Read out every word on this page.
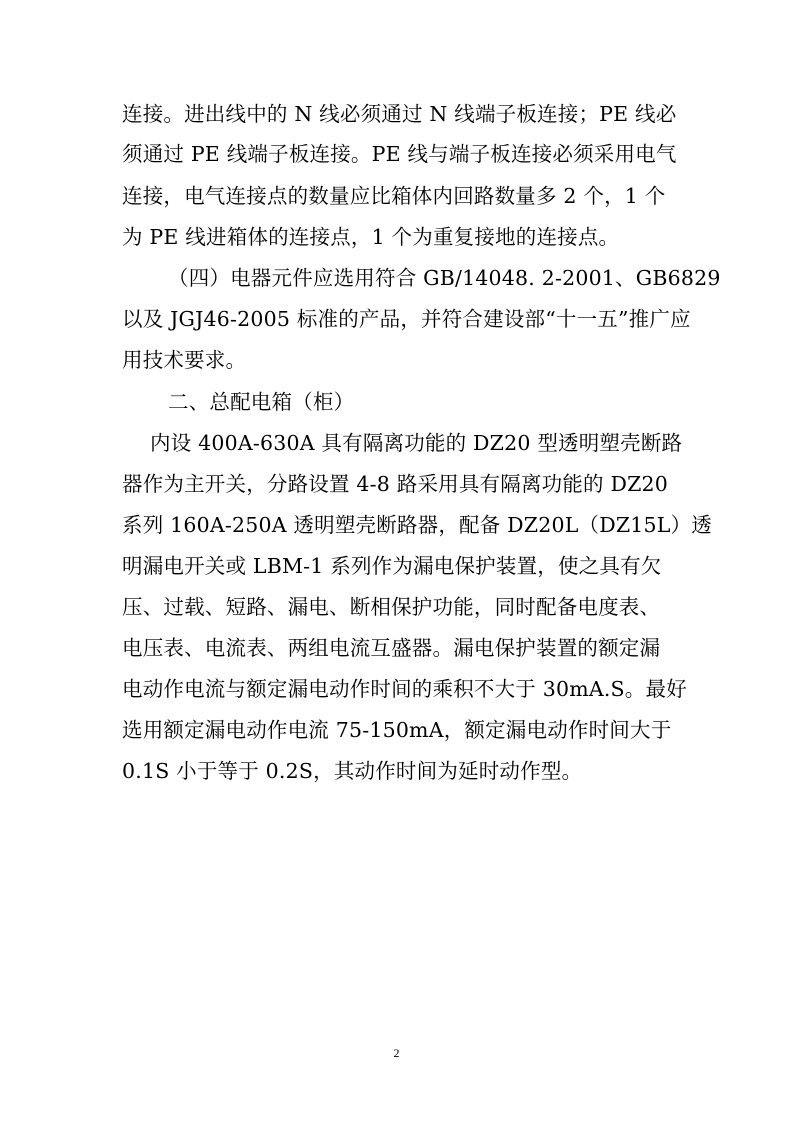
连接。进出线中的 N 线必须通过 N 线端子板连接；PE 线必
须通过 PE 线端子板连接。PE 线与端子板连接必须采用电气
连接，电气连接点的数量应比箱体内回路数量多 2 个，1 个
为 PE 线进箱体的连接点，1 个为重复接地的连接点。
（四）电器元件应选用符合 GB/14048. 2-2001、GB6829
以及 JGJ46-2005 标准的产品，并符合建设部“十一五”推广应
用技术要求。
二、总配电箱（柜）
内设 400A-630A 具有隔离功能的 DZ20 型透明塑壳断路
器作为主开关，分路设置 4-8 路采用具有隔离功能的 DZ20
系列 160A-250A 透明塑壳断路器，配备 DZ20L（DZ15L）透
明漏电开关或 LBM-1 系列作为漏电保护装置，使之具有欠
压、过载、短路、漏电、断相保护功能，同时配备电度表、
电压表、电流表、两组电流互盛器。漏电保护装置的额定漏
电动作电流与额定漏电动作时间的乘积不大于 30mA.S。最好
选用额定漏电动作电流 75-150mA，额定漏电动作时间大于
0.1S 小于等于 0.2S，其动作时间为延时动作型。
2
